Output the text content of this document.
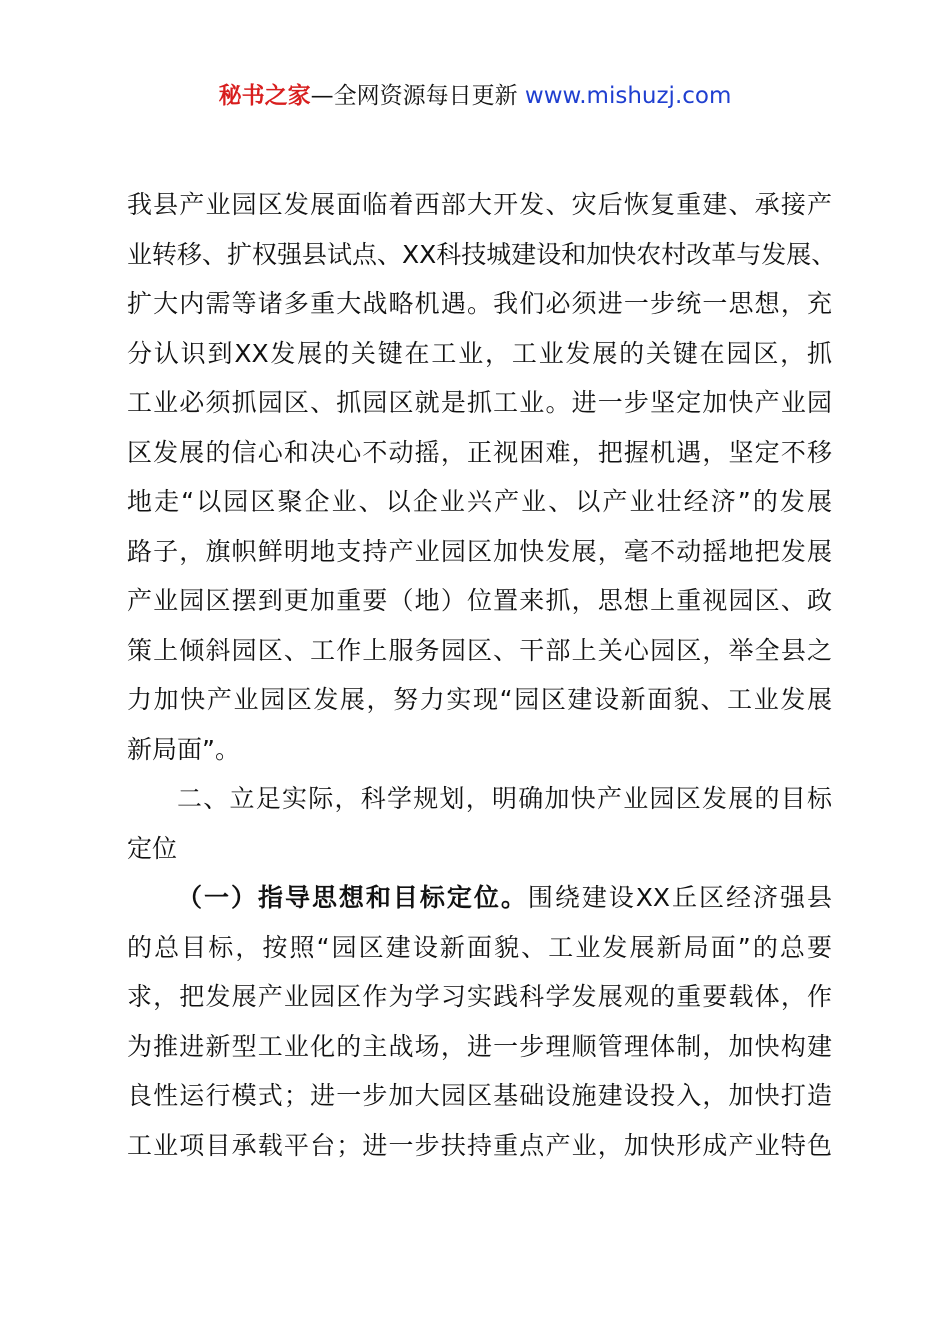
秘书之家—全网资源每日更新 www.mishuzj.com
我县产业园区发展面临着西部大开发、灾后恢复重建、承接产
业转移、扩权强县试点、XX科技城建设和加快农村改革与发展、
扩大内需等诸多重大战略机遇。我们必须进一步统一思想，充
分认识到XX发展的关键在工业，工业发展的关键在园区，抓
工业必须抓园区、抓园区就是抓工业。进一步坚定加快产业园
区发展的信心和决心不动摇，正视困难，把握机遇，坚定不移
地走“以园区聚企业、以企业兴产业、以产业壮经济”的发展
路子，旗帜鲜明地支持产业园区加快发展，毫不动摇地把发展
产业园区摆到更加重要（地）位置来抓，思想上重视园区、政
策上倾斜园区、工作上服务园区、干部上关心园区，举全县之
力加快产业园区发展，努力实现“园区建设新面貌、工业发展
新局面”。
二、立足实际，科学规划，明确加快产业园区发展的目标
定位
（一）指导思想和目标定位。围绕建设XX丘区经济强县
的总目标，按照“园区建设新面貌、工业发展新局面”的总要
求，把发展产业园区作为学习实践科学发展观的重要载体，作
为推进新型工业化的主战场，进一步理顺管理体制，加快构建
良性运行模式；进一步加大园区基础设施建设投入，加快打造
工业项目承载平台；进一步扶持重点产业，加快形成产业特色
